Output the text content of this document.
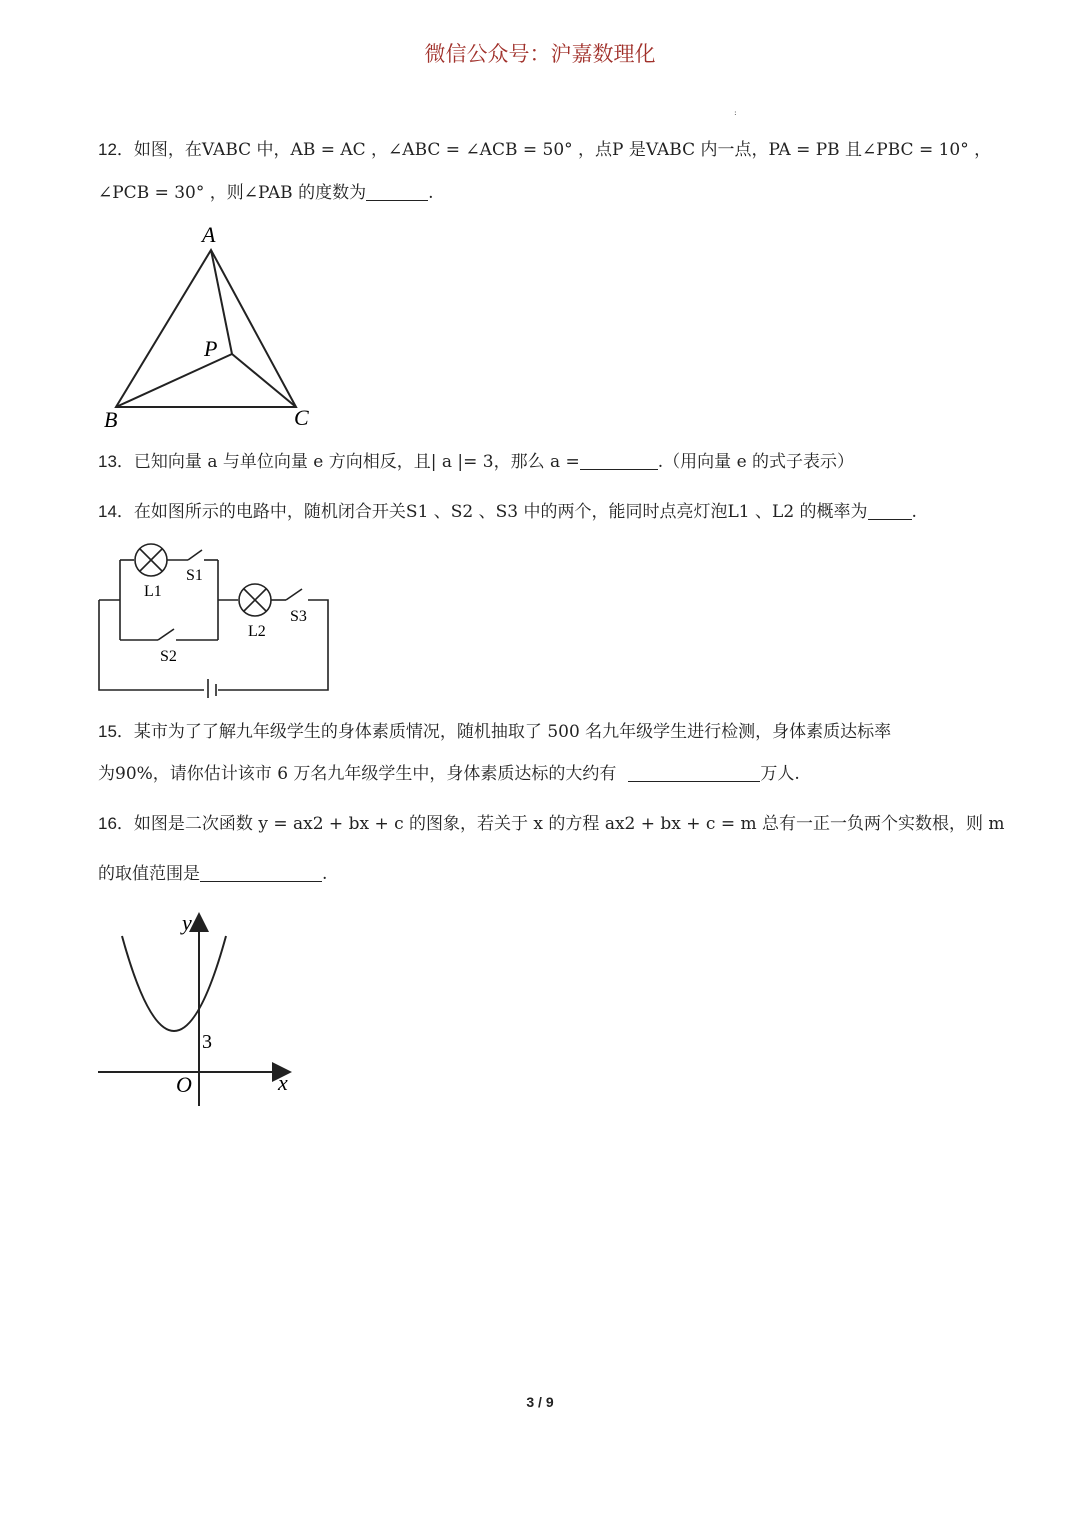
微信公众号：沪嘉数理化
:
12．如图，在VABC 中，AB = AC ，∠ABC = ∠ACB = 50° ，点P 是VABC 内一点，PA = PB 且∠PBC = 10° ，
∠PCB = 30° ，则∠PAB 的度数为	.
A
B	C
P
13．已知向量 a 与单位向量 e 方向相反，且| a |= 3，那么 a =	.（用向量 e 的式子表示）
14．在如图所示的电路中，随机闭合开关S1 、S2 、S3 中的两个，能同时点亮灯泡L1 、L2 的概率为	.
S1
L1
L2
S3
S2
15．某市为了了解九年级学生的身体素质情况，随机抽取了 500 名九年级学生进行检测，身体素质达标率
为90%，请你估计该市 6 万名九年级学生中，身体素质达标的大约有	万人.
16．如图是二次函数 y = ax2 + bx + c 的图象，若关于 x 的方程 ax2 + bx + c = m 总有一正一负两个实数根，则 m
的取值范围是	.
y
x
O
3
3 / 9
